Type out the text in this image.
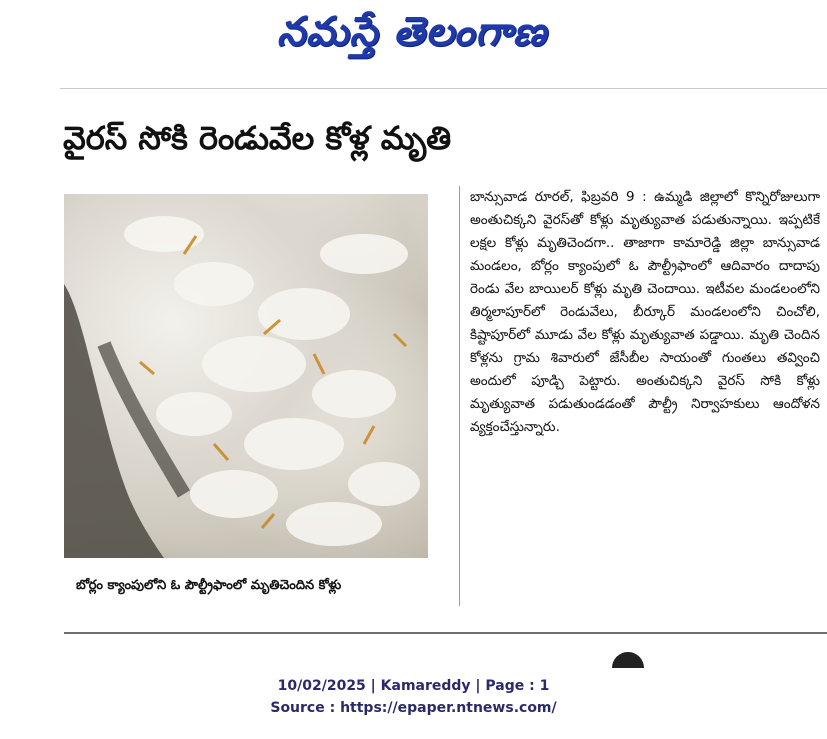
నమస్తే తెలంగాణ
వైరస్ సోకి రెండువేల కోళ్ల మృతి
బోర్లం క్యాంపులోని ఓ పౌల్ట్రీఫాంలో మృతిచెందిన కోళ్లు
బాన్సువాడ రూరల్, ఫిబ్రవరి 9 : ఉమ్మడి జిల్లాలో కొన్నిరోజులుగా అంతుచిక్కని వైరస్‌తో కోళ్లు మృత్యువాత పడుతున్నాయి. ఇప్పటికే లక్షల కోళ్లు మృతిచెందగా.. తాజాగా కామారెడ్డి జిల్లా బాన్సువాడ మండలం, బోర్లం క్యాంపులో ఓ పౌల్ట్రీఫాంలో ఆదివారం దాదాపు రెండు వేల బాయిలర్ కోళ్లు మృతి చెందాయి. ఇటీవల మండలంలోని తిర్మలాపూర్‌లో రెండువేలు, బీర్కూర్ మండలంలోని చించోలి, కిష్టాపూర్‌లో మూడు వేల కోళ్లు మృత్యువాత పడ్డాయి. మృతి చెందిన కోళ్లను గ్రామ శివారులో జేసీబీల సాయంతో గుంతలు తవ్వించి అందులో పూడ్చి పెట్టారు. అంతుచిక్కని వైరస్ సోకి కోళ్లు మృత్యువాత పడుతుండడంతో పౌల్ట్రీ నిర్వాహకులు ఆందోళన వ్యక్తంచేస్తున్నారు.
10/02/2025 | Kamareddy | Page : 1
Source : https://epaper.ntnews.com/
